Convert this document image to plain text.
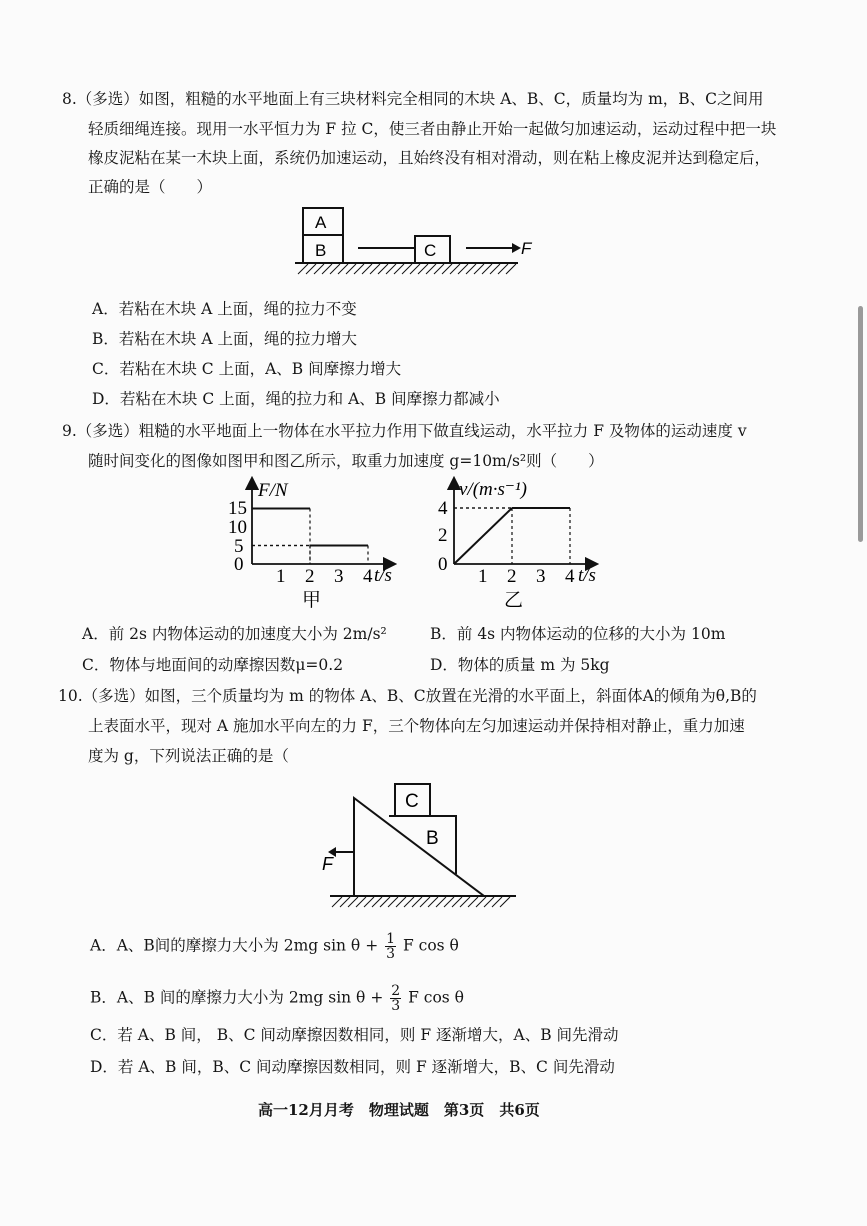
8.（多选）如图，粗糙的水平地面上有三块材料完全相同的木块 A、B、C，质量均为 m，B、C之间用
轻质细绳连接。现用一水平恒力为 F 拉 C，使三者由静止开始一起做匀加速运动，运动过程中把一块
橡皮泥粘在某一木块上面，系统仍加速运动，且始终没有相对滑动，则在粘上橡皮泥并达到稳定后，
正确的是（　　）
B
A
C	F
A．若粘在木块 A 上面，绳的拉力不变
B．若粘在木块 A 上面，绳的拉力增大
C．若粘在木块 C 上面，A、B 间摩擦力增大
D．若粘在木块 C 上面，绳的拉力和 A、B 间摩擦力都减小
9.（多选）粗糙的水平地面上一物体在水平拉力作用下做直线运动，水平拉力 F 及物体的运动速度 v
随时间变化的图像如图甲和图乙所示，取重力加速度 g=10m/s²则（　　）
F/N
t/s
15
10
5
0
1 2 3 4
甲
v/(m·s⁻¹)
t/s
4
2
0
1 2 3 4
乙
A．前 2s 内物体运动的加速度大小为 2m/s²	B．前 4s 内物体运动的位移的大小为 10m
C．物体与地面间的动摩擦因数μ=0.2	D．物体的质量 m 为 5kg
10.（多选）如图，三个质量均为 m 的物体 A、B、C放置在光滑的水平面上，斜面体A的倾角为θ,B的
上表面水平，现对 A 施加水平向左的力 F，三个物体向左匀加速运动并保持相对静止，重力加速
度为 g，下列说法正确的是（
B
C
F
A．A、B间的摩擦力大小为 2mg $\sin \theta + \frac{1}{3}$ F cos θ
B．A、B 间的摩擦力大小为 2mg $\sin \theta + \frac{2}{3}$ F cos θ
C．若 A、B 间， B、C 间动摩擦因数相同，则 F 逐渐增大，A、B 间先滑动
D．若 A、B 间，B、C 间动摩擦因数相同，则 F 逐渐增大，B、C 间先滑动
高一12月月考　物理试题　第3页　共6页
